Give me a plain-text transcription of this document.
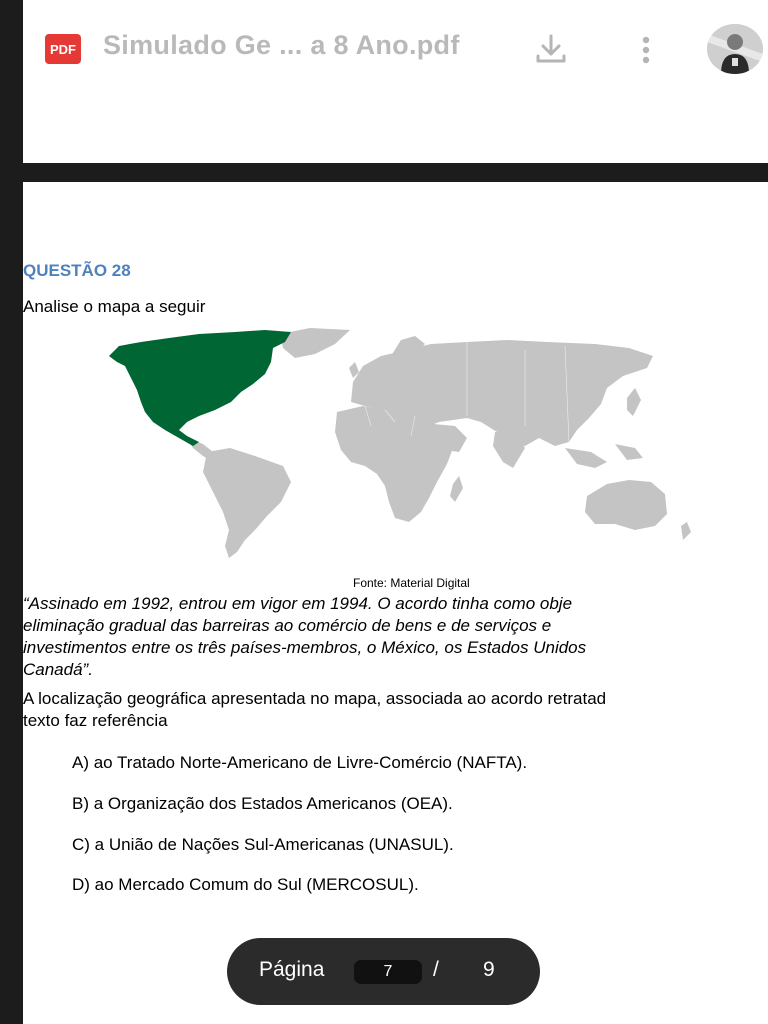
PDF Simulado Ge ... a 8 Ano.pdf
QUESTÃO 28
Analise o mapa a seguir
Fonte: Material Digital
“Assinado em 1992, entrou em vigor em 1994. O acordo tinha como obje
eliminação gradual das barreiras ao comércio de bens e de serviços e
investimentos entre os três países-membros, o México, os Estados Unidos
Canadá”.
A localização geográfica apresentada no mapa, associada ao acordo retratad
texto faz referência
A) ao Tratado Norte-Americano de Livre-Comércio (NAFTA).
B) a Organização dos Estados Americanos (OEA).
C) a União de Nações Sul-Americanas (UNASUL).
D) ao Mercado Comum do Sul (MERCOSUL).
Página	7	/ 9
